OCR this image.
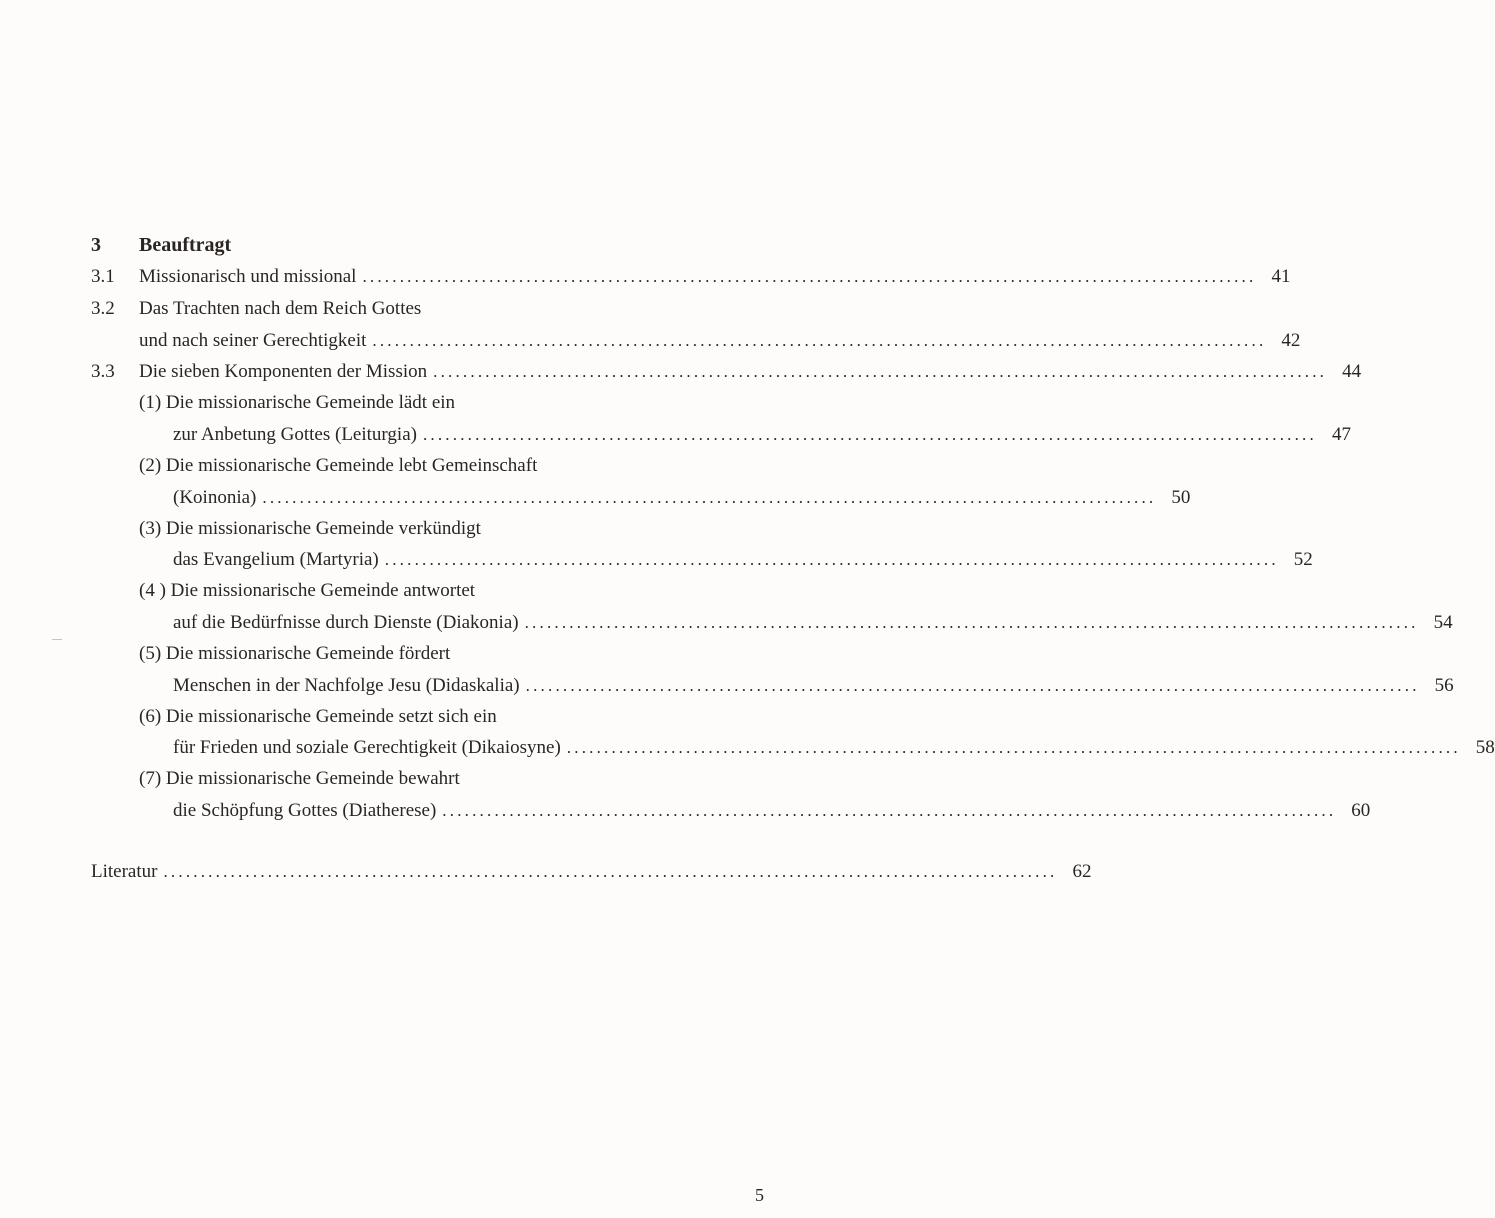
3 Beauftragt
3.1 Missionarisch und missional ........................................................................................................................ 41
3.2 Das Trachten nach dem Reich Gottes
und nach seiner Gerechtigkeit ........................................................................................................................ 42
3.3 Die sieben Komponenten der Mission ........................................................................................................................ 44
(1) Die missionarische Gemeinde lädt ein
zur Anbetung Gottes (Leiturgia) ........................................................................................................................ 47
(2) Die missionarische Gemeinde lebt Gemeinschaft
(Koinonia) ........................................................................................................................ 50
(3) Die missionarische Gemeinde verkündigt
das Evangelium (Martyria) ........................................................................................................................ 52
(4 ) Die missionarische Gemeinde antwortet
auf die Bedürfnisse durch Dienste (Diakonia) ........................................................................................................................ 54
(5) Die missionarische Gemeinde fördert
Menschen in der Nachfolge Jesu (Didaskalia) ........................................................................................................................ 56
(6) Die missionarische Gemeinde setzt sich ein
für Frieden und soziale Gerechtigkeit (Dikaiosyne) ........................................................................................................................ 58
(7) Die missionarische Gemeinde bewahrt
die Schöpfung Gottes (Diatherese) ........................................................................................................................ 60
Literatur ........................................................................................................................ 62
5
